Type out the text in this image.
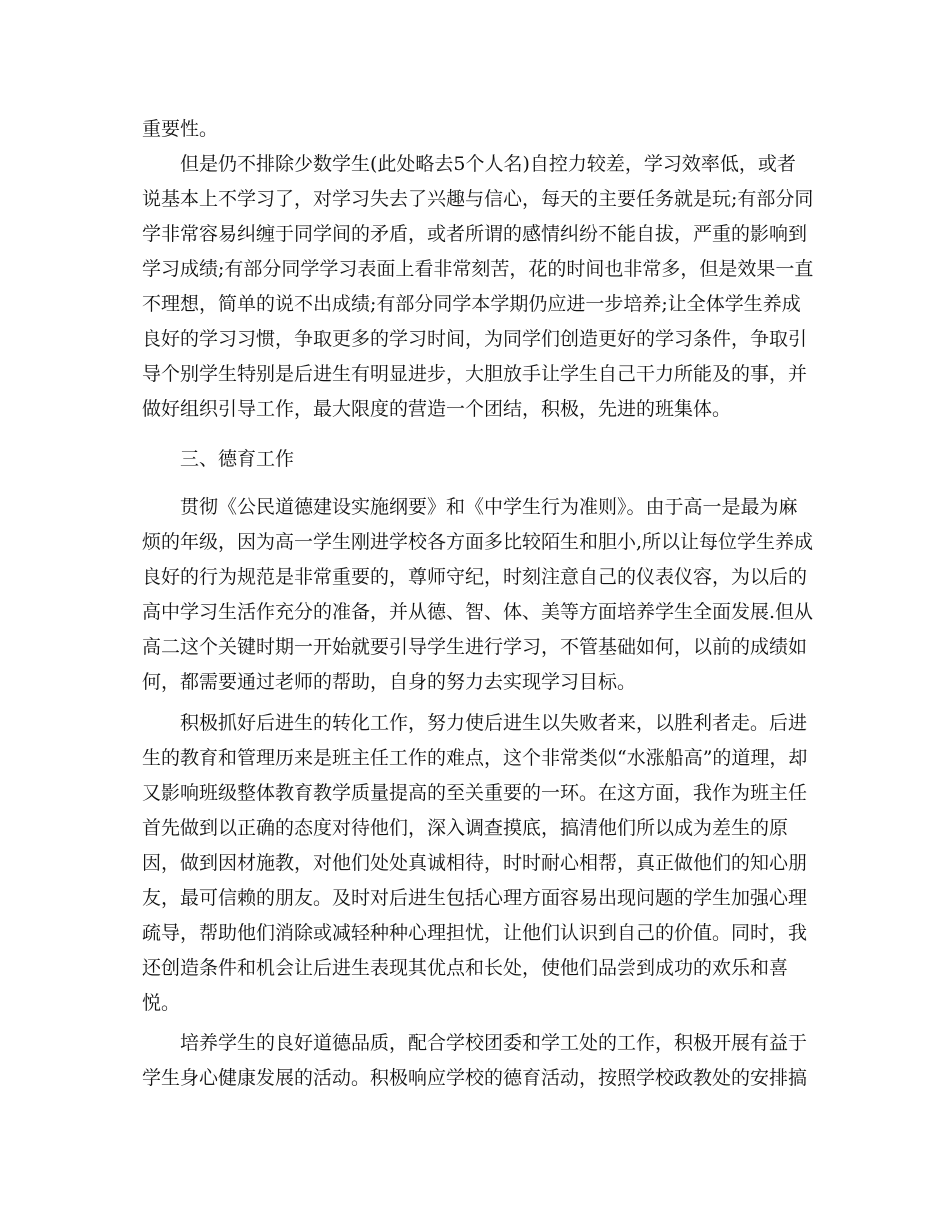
重要性。

但是仍不排除少数学生(此处略去5个人名)自控力较差，学习效率低，或者

说基本上不学习了，对学习失去了兴趣与信心，每天的主要任务就是玩;有部分同

学非常容易纠缠于同学间的矛盾，或者所谓的感情纠纷不能自拔，严重的影响到

学习成绩;有部分同学学习表面上看非常刻苦，花的时间也非常多，但是效果一直

不理想，简单的说不出成绩;有部分同学本学期仍应进一步培养;让全体学生养成

良好的学习习惯，争取更多的学习时间，为同学们创造更好的学习条件，争取引

导个别学生特别是后进生有明显进步，大胆放手让学生自己干力所能及的事，并

做好组织引导工作，最大限度的营造一个团结，积极，先进的班集体。

三、德育工作

贯彻《公民道德建设实施纲要》和《中学生行为准则》。由于高一是最为麻

烦的年级，因为高一学生刚进学校各方面多比较陌生和胆小,所以让每位学生养成

良好的行为规范是非常重要的，尊师守纪，时刻注意自己的仪表仪容，为以后的

高中学习生活作充分的准备，并从德、智、体、美等方面培养学生全面发展.但从

高二这个关键时期一开始就要引导学生进行学习，不管基础如何，以前的成绩如

何，都需要通过老师的帮助，自身的努力去实现学习目标。

积极抓好后进生的转化工作，努力使后进生以失败者来，以胜利者走。后进

生的教育和管理历来是班主任工作的难点，这个非常类似“水涨船高”的道理，却

又影响班级整体教育教学质量提高的至关重要的一环。在这方面，我作为班主任

首先做到以正确的态度对待他们，深入调查摸底，搞清他们所以成为差生的原

因，做到因材施教，对他们处处真诚相待，时时耐心相帮，真正做他们的知心朋

友，最可信赖的朋友。及时对后进生包括心理方面容易出现问题的学生加强心理

疏导，帮助他们消除或减轻种种心理担忧，让他们认识到自己的价值。同时，我

还创造条件和机会让后进生表现其优点和长处，使他们品尝到成功的欢乐和喜

悦。

培养学生的良好道德品质，配合学校团委和学工处的工作，积极开展有益于

学生身心健康发展的活动。积极响应学校的德育活动，按照学校政教处的安排搞
